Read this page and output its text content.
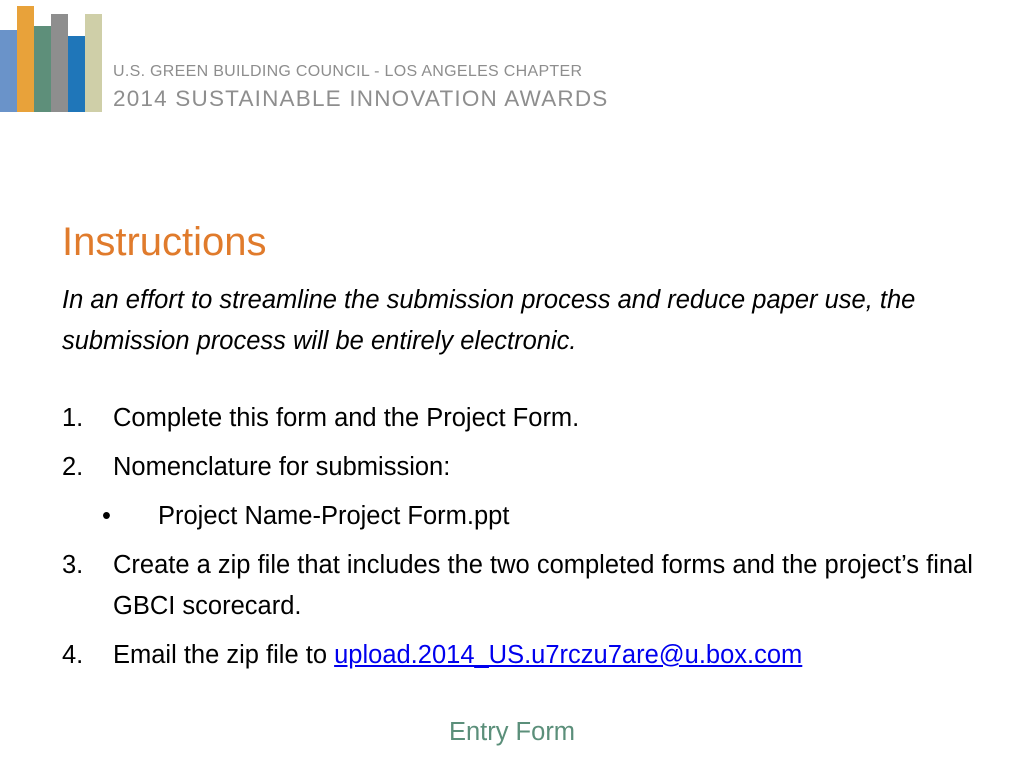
U.S. GREEN BUILDING COUNCIL - LOS ANGELES CHAPTER
2014 SUSTAINABLE INNOVATION AWARDS
Instructions
In an effort to streamline the submission process and reduce paper use, the submission process will be entirely electronic.
1.	Complete this form and the Project Form.
2.	Nomenclature for submission:
•	Project Name-Project Form.ppt
3.	Create a zip file that includes the two completed forms and the project’s final GBCI scorecard.
4.	Email the zip file to upload.2014_US.u7rczu7are@u.box.com
Entry Form
